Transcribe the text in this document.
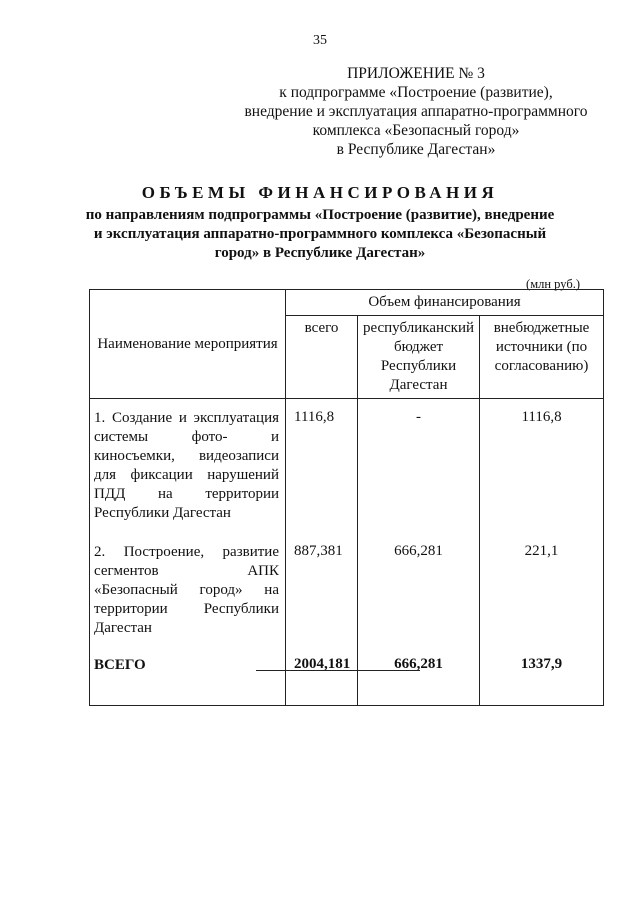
35
ПРИЛОЖЕНИЕ № 3
к подпрограмме «Построение (развитие),
внедрение и эксплуатация аппаратно-программного
комплекса «Безопасный город»
в Республике Дагестан»
ОБЪЕМЫ ФИНАНСИРОВАНИЯ
по направлениям подпрограммы «Построение (развитие), внедрение
и эксплуатация аппаратно-программного комплекса «Безопасный
город» в Республике Дагестан»
(млн руб.)
Наименование мероприятия	Объем финансирования		
	всего	республиканский бюджет Республики Дагестан	внебюджетные источники (по согласованию)
1. Создание и эксплуатация системы фото- и киносъемки, видеозаписи для фиксации нарушений ПДД на территории Республики Дагестан	1116,8	-	1116,8
2. Построение, развитие сегментов АПК «Безопасный город» на территории Республики Дагестан	887,381	666,281	221,1
ВСЕГО	2004,181	666,281	1337,9
